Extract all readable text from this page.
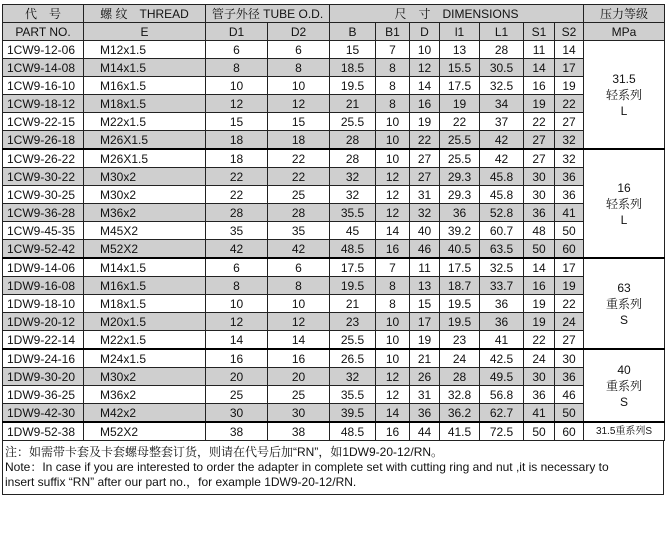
代　号	螺 纹　THREAD	管子外径 TUBE O.D.		尺　寸　DIMENSIONS							压力等级
PART NO.	E	D1	D2	B	B1	D	l1	L1	S1	S2	MPa
1CW9-12-06	M12x1.5	6	6	15	7	10	13	28	11	14	31.5
轻系列
L

1CW9-14-08	M14x1.5	8	8	18.5	8	12	15.5	30.5	14	17	
1CW9-16-10	M16x1.5	10	10	19.5	8	14	17.5	32.5	16	19	
1CW9-18-12	M18x1.5	12	12	21	8	16	19	34	19	22	
1CW9-22-15	M22x1.5	15	15	25.5	10	19	22	37	22	27	
1CW9-26-18	M26X1.5	18	18	28	10	22	25.5	42	27	32	
1CW9-26-22	M26X1.5	18	22	28	10	27	25.5	42	27	32	16
轻系列
L

1CW9-30-22	M30x2	22	22	32	12	27	29.3	45.8	30	36	
1CW9-30-25	M30x2	22	25	32	12	31	29.3	45.8	30	36	
1CW9-36-28	M36x2	28	28	35.5	12	32	36	52.8	36	41	
1CW9-45-35	M45X2	35	35	45	14	40	39.2	60.7	48	50	
1CW9-52-42	M52X2	42	42	48.5	16	46	40.5	63.5	50	60	
1DW9-14-06	M14x1.5	6	6	17.5	7	11	17.5	32.5	14	17	63
重系列
S

1DW9-16-08	M16x1.5	8	8	19.5	8	13	18.7	33.7	16	19	
1DW9-18-10	M18x1.5	10	10	21	8	15	19.5	36	19	22	
1DW9-20-12	M20x1.5	12	12	23	10	17	19.5	36	19	24	
1DW9-22-14	M22x1.5	14	14	25.5	10	19	23	41	22	27	
1DW9-24-16	M24x1.5	16	16	26.5	10	21	24	42.5	24	30	40
重系列
S

1DW9-30-20	M30x2	20	20	32	12	26	28	49.5	30	36	
1DW9-36-25	M36x2	25	25	35.5	12	31	32.8	56.8	36	46	
1DW9-42-30	M42x2	30	30	39.5	14	36	36.2	62.7	41	50	
1DW9-52-38	M52X2	38	38	48.5	16	44	41.5	72.5	50	60	31.5重系列S
注：如需带卡套及卡套螺母整套订货，则请在代号后加“RN”，如1DW9-20-12/RN。
Note：In case if you are interested to order the adapter in complete set with cutting ring and nut ,it is necessary to
insert suffix “RN” after our part no.，for example 1DW9-20-12/RN.
